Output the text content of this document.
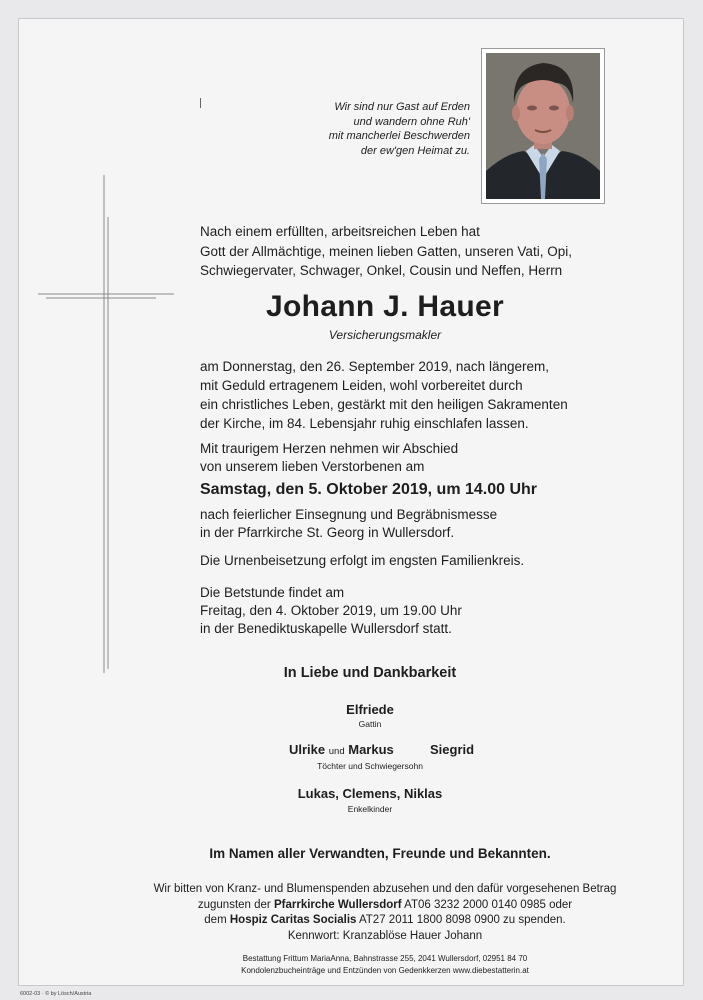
Wir sind nur Gast auf Erden
und wandern ohne Ruh'
mit mancherlei Beschwerden
der ew'gen Heimat zu.
Nach einem erfüllten, arbeitsreichen Leben hat
Gott der Allmächtige, meinen lieben Gatten, unseren Vati, Opi,
Schwiegervater, Schwager, Onkel, Cousin und Neffen, Herrn
Johann J. Hauer
Versicherungsmakler
am Donnerstag, den 26. September 2019, nach längerem,
mit Geduld ertragenem Leiden, wohl vorbereitet durch
ein christliches Leben, gestärkt mit den heiligen Sakramenten
der Kirche, im 84. Lebensjahr ruhig einschlafen lassen.
Mit traurigem Herzen nehmen wir Abschied
von unserem lieben Verstorbenen am
Samstag, den 5. Oktober 2019, um 14.00 Uhr
nach feierlicher Einsegnung und Begräbnismesse
in der Pfarrkirche St. Georg in Wullersdorf.
Die Urnenbeisetzung erfolgt im engsten Familienkreis.
Die Betstunde findet am
Freitag, den 4. Oktober 2019, um 19.00 Uhr
in der Benediktuskapelle Wullersdorf statt.
In Liebe und Dankbarkeit
Elfriede
Gattin
Ulrike und Markus	Siegrid
Töchter und Schwiegersohn
Lukas, Clemens, Niklas
Enkelkinder
Im Namen aller Verwandten, Freunde und Bekannten.
Wir bitten von Kranz- und Blumenspenden abzusehen und den dafür vorgesehenen Betrag
zugunsten der Pfarrkirche Wullersdorf AT06 3232 2000 0140 0985 oder
dem Hospiz Caritas Socialis AT27 2011 1800 8098 0900 zu spenden.
Kennwort: Kranzablöse Hauer Johann
Bestattung Frittum MariaAnna, Bahnstrasse 255, 2041 Wullersdorf, 02951 84 70
Kondolenzbucheinträge und Entzünden von Gedenkkerzen www.diebestatterin.at
6002-03 · © by Lösch/Austria
